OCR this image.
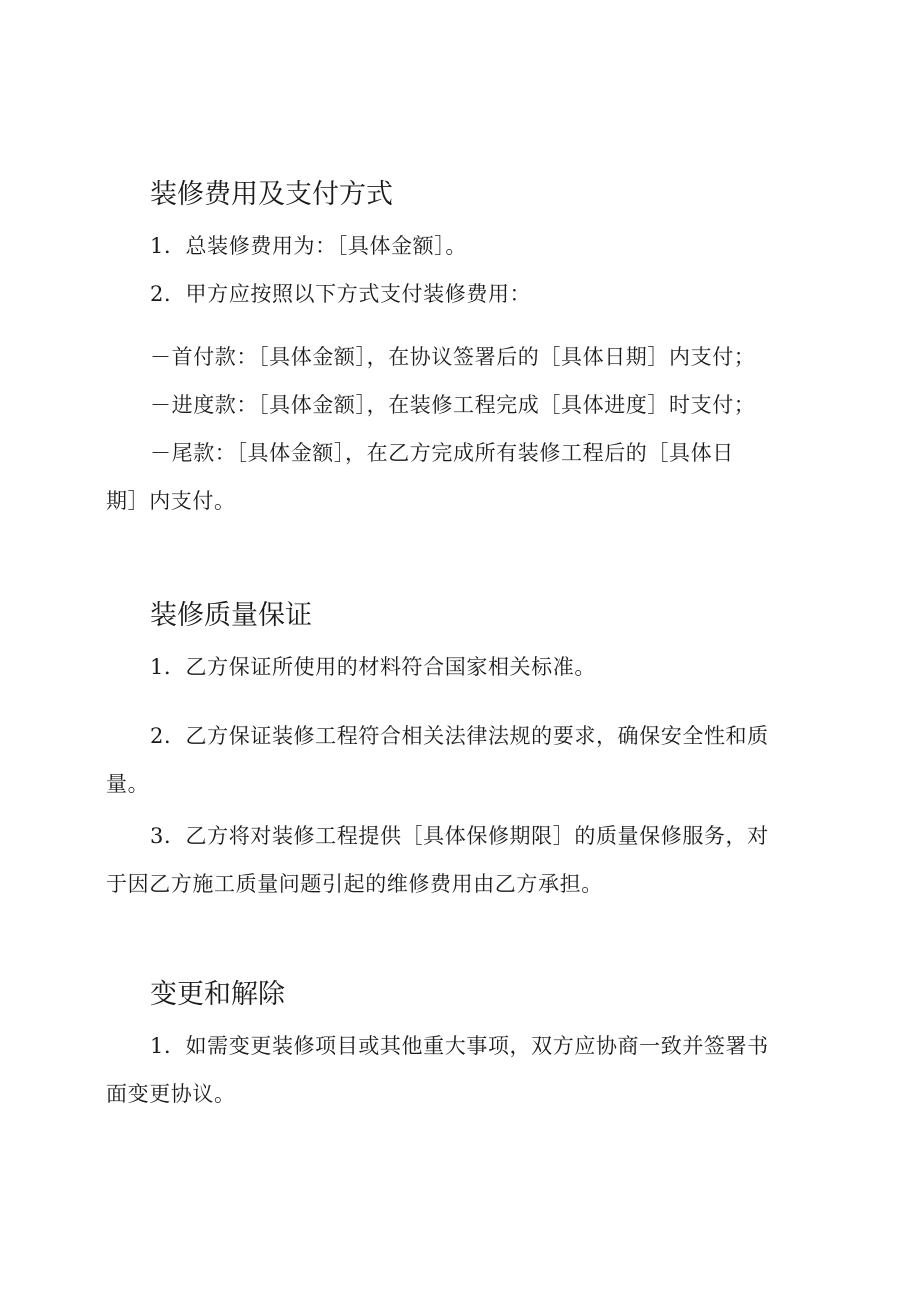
装修费用及支付方式

1．总装修费用为：［具体金额］。

2．甲方应按照以下方式支付装修费用：

－首付款：［具体金额］，在协议签署后的［具体日期］内支付；

－进度款：［具体金额］，在装修工程完成［具体进度］时支付；

－尾款：［具体金额］，在乙方完成所有装修工程后的［具体日

期］内支付。

装修质量保证

1．乙方保证所使用的材料符合国家相关标准。

2．乙方保证装修工程符合相关法律法规的要求，确保安全性和质

量。

3．乙方将对装修工程提供［具体保修期限］的质量保修服务，对

于因乙方施工质量问题引起的维修费用由乙方承担。

变更和解除

1．如需变更装修项目或其他重大事项，双方应协商一致并签署书

面变更协议。
